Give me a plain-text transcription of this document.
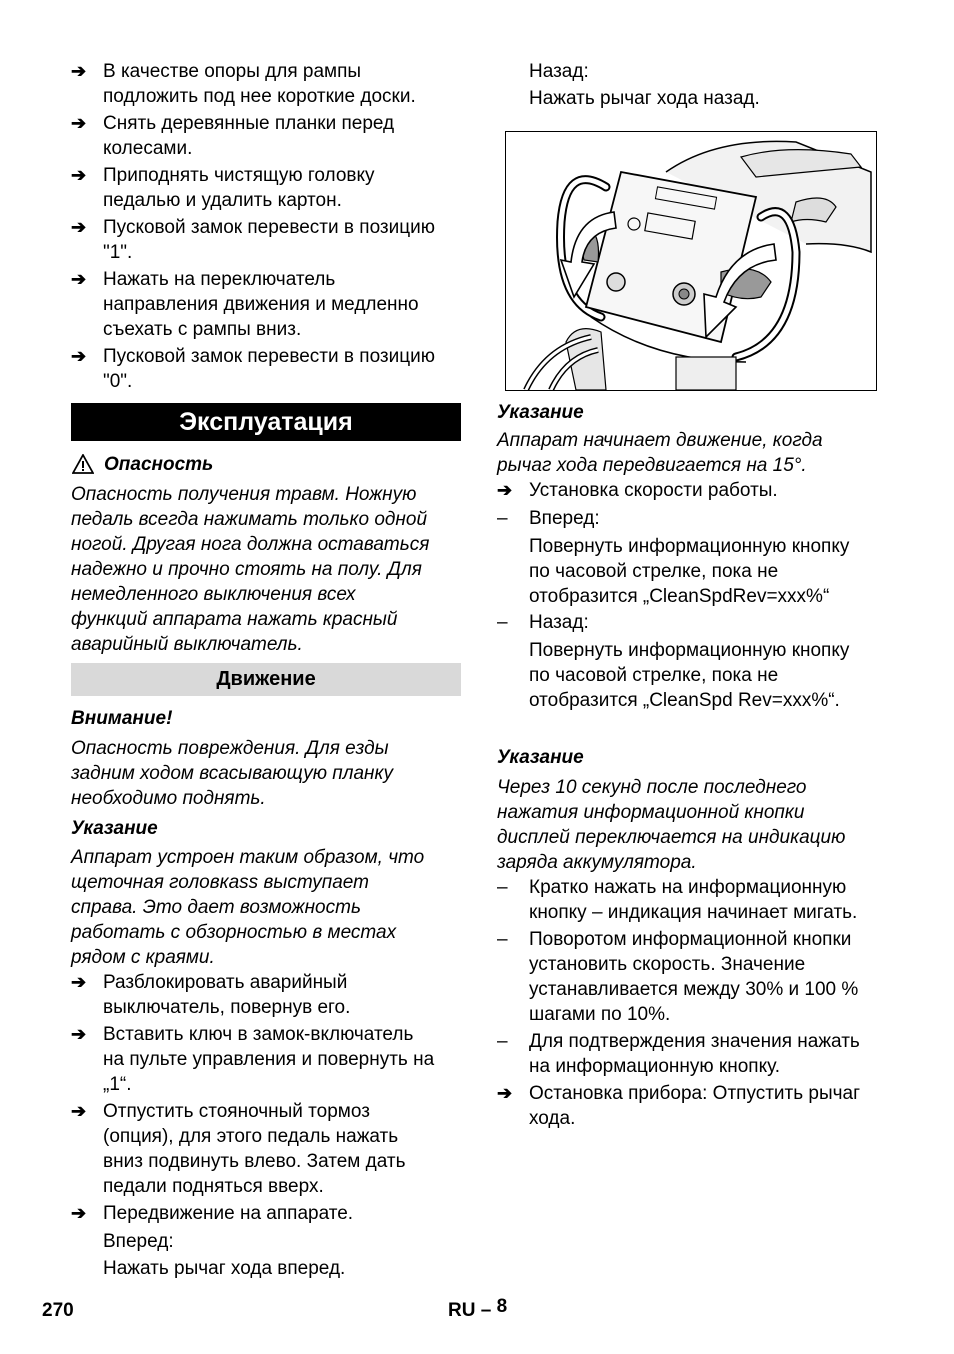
➔ В качестве опоры для рампы
подложить под нее короткие доски.
➔ Снять деревянные планки перед
колесами.
➔ Приподнять чистящую головку
педалью и удалить картон.
➔ Пусковой замок перевести в позицию
"1".
➔ Нажать на переключатель
направления движения и медленно
съехать с рампы вниз.
➔ Пусковой замок перевести в позицию
"0".
Эксплуатация
Опасность
Опасность получения травм. Ножную
педаль всегда нажимать только одной
ногой. Другая нога должна оставаться
надежно и прочно стоять на полу. Для
немедленного выключения всех
функций аппарата нажать красный
аварийный выключатель.
Движение
Внимание!
Опасность повреждения. Для езды
задним ходом всасывающую планку
необходимо поднять.
Указание
Аппарат устроен таким образом, что
щеточная головкass выступает
справа. Это дает возможность
работать с обзорностью в местах
рядом с краями.
➔ Разблокировать аварийный
выключатель, повернув его.
➔ Вставить ключ в замок-включатель
на пульте управления и повернуть на
„1“.
➔ Отпустить стояночный тормоз
(опция), для этого педаль нажать
вниз подвинуть влево. Затем дать
педали подняться вверх.
➔ Передвижение на аппарате.
Вперед:
Нажать рычаг хода вперед.
Назад:
Нажать рычаг хода назад.
Указание
Аппарат начинает движение, когда
рычаг хода передвигается на 15°.
➔ Установка скорости работы.
– Вперед:
Повернуть информационную кнопку
по часовой стрелке, пока не
отобразится „CleanSpdRev=xxx%“
– Назад:
Повернуть информационную кнопку
по часовой стрелке, пока не
отобразится „CleanSpd Rev=xxx%“.
Указание
Через 10 секунд после последнего
нажатия информационной кнопки
дисплей переключается на индикацию
заряда аккумулятора.
– Кратко нажать на информационную
кнопку – индикация начинает мигать.
– Поворотом информационной кнопки
установить скорость. Значение
устанавливается между 30% и 100 %
шагами по 10%.
– Для подтверждения значения нажать
на информационную кнопку.
➔ Остановка прибора: Отпустить рычаг
хода.
270	RU – 8
